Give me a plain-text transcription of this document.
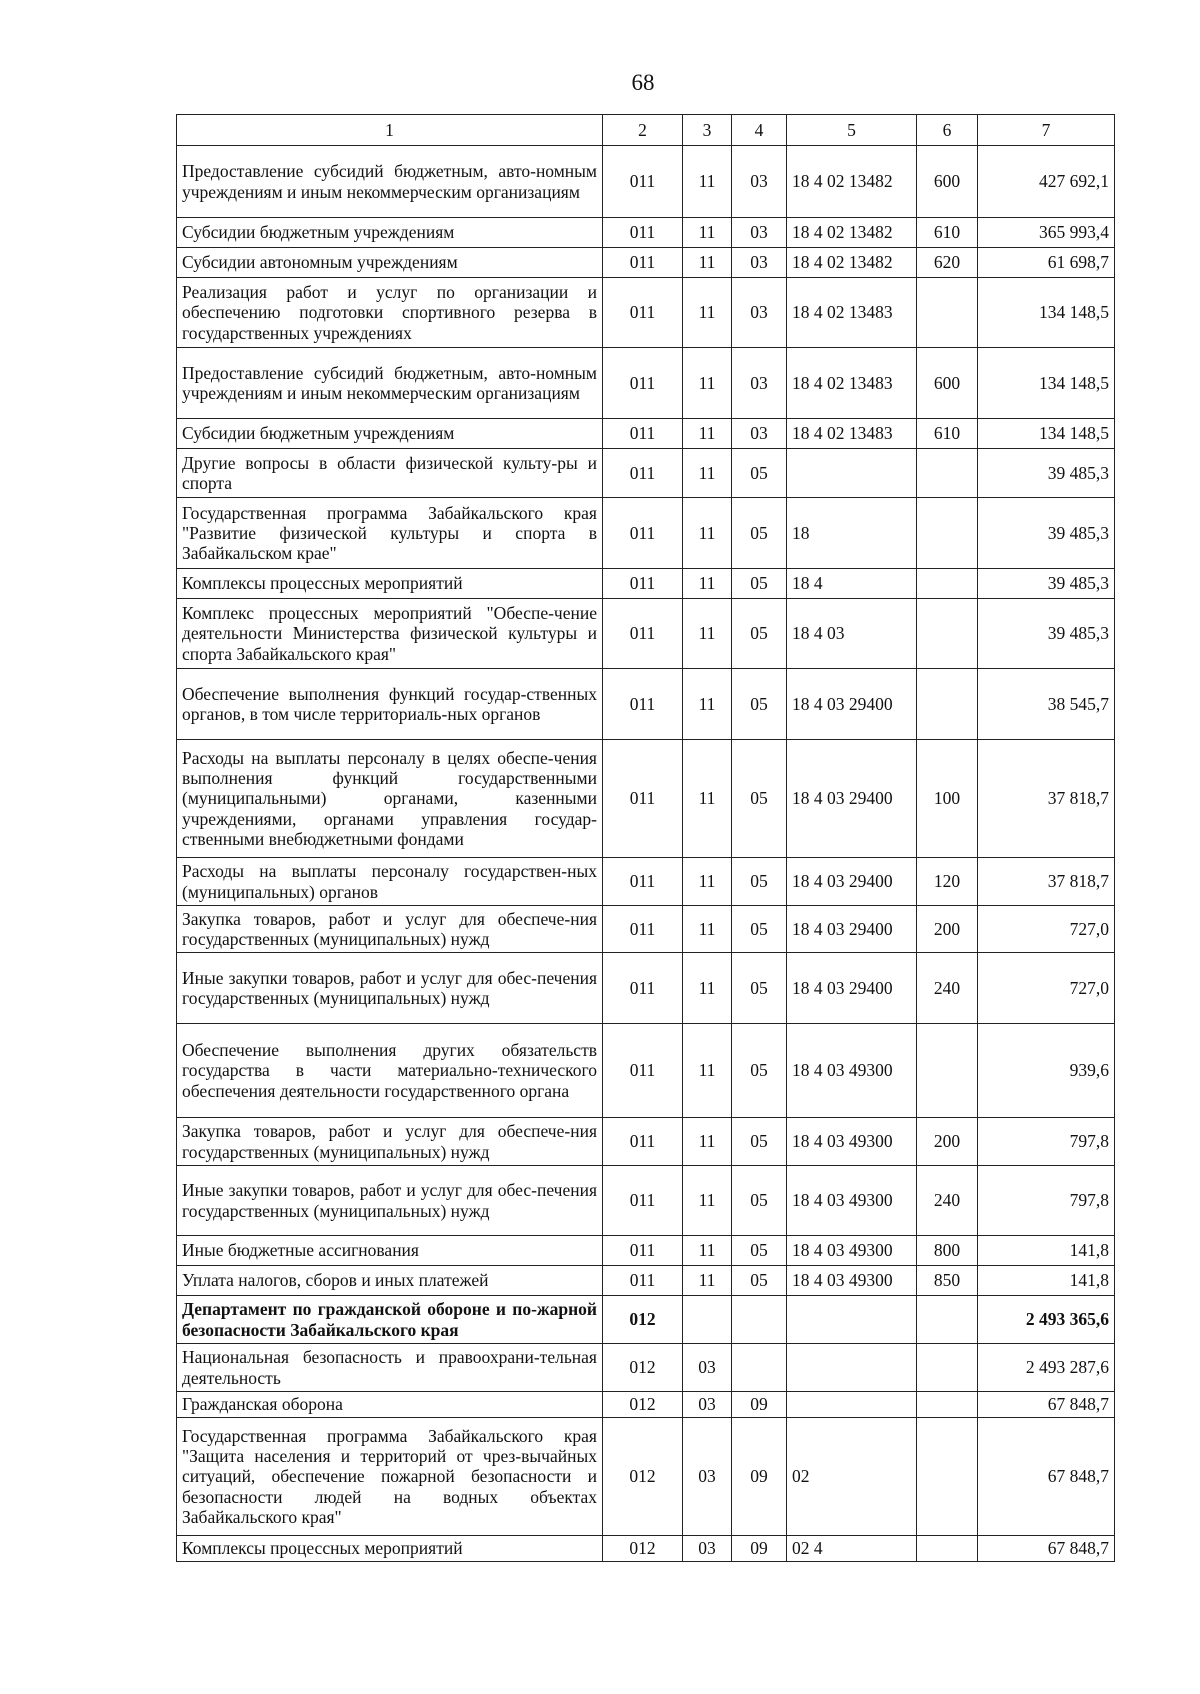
68
1	2	3	4	5	6	7
Предоставление субсидий бюджетным, авто-номным учреждениям и иным некоммерческим организациям	011	11	03	18 4 02 13482	600	427 692,1
Субсидии бюджетным учреждениям	011	11	03	18 4 02 13482	610	365 993,4
Субсидии автономным учреждениям	011	11	03	18 4 02 13482	620	61 698,7
Реализация работ и услуг по организации и обеспечению подготовки спортивного резерва в государственных учреждениях	011	11	03	18 4 02 13483		134 148,5
Предоставление субсидий бюджетным, авто-номным учреждениям и иным некоммерческим организациям	011	11	03	18 4 02 13483	600	134 148,5
Субсидии бюджетным учреждениям	011	11	03	18 4 02 13483	610	134 148,5
Другие вопросы в области физической культу-ры и спорта	011	11	05			39 485,3
Государственная программа Забайкальского края "Развитие физической культуры и спорта в Забайкальском крае"	011	11	05	18		39 485,3
Комплексы процессных мероприятий	011	11	05	18 4		39 485,3
Комплекс процессных мероприятий "Обеспе-чение деятельности Министерства физической культуры и спорта Забайкальского края"	011	11	05	18 4 03		39 485,3
Обеспечение выполнения функций государ-ственных органов, в том числе территориаль-ных органов	011	11	05	18 4 03 29400		38 545,7
Расходы на выплаты персоналу в целях обеспе-чения выполнения функций государственными (муниципальными) органами, казенными учреждениями, органами управления государ-ственными внебюджетными фондами	011	11	05	18 4 03 29400	100	37 818,7
Расходы на выплаты персоналу государствен-ных (муниципальных) органов	011	11	05	18 4 03 29400	120	37 818,7
Закупка товаров, работ и услуг для обеспече-ния государственных (муниципальных) нужд	011	11	05	18 4 03 29400	200	727,0
Иные закупки товаров, работ и услуг для обес-печения государственных (муниципальных) нужд	011	11	05	18 4 03 29400	240	727,0
Обеспечение выполнения других обязательств государства в части материально-технического обеспечения деятельности государственного органа	011	11	05	18 4 03 49300		939,6
Закупка товаров, работ и услуг для обеспече-ния государственных (муниципальных) нужд	011	11	05	18 4 03 49300	200	797,8
Иные закупки товаров, работ и услуг для обес-печения государственных (муниципальных) нужд	011	11	05	18 4 03 49300	240	797,8
Иные бюджетные ассигнования	011	11	05	18 4 03 49300	800	141,8
Уплата налогов, сборов и иных платежей	011	11	05	18 4 03 49300	850	141,8
Департамент по гражданской обороне и по-жарной безопасности Забайкальского края	012					2 493 365,6
Национальная безопасность и правоохрани-тельная деятельность	012	03				2 493 287,6
Гражданская оборона	012	03	09			67 848,7
Государственная программа Забайкальского края "Защита населения и территорий от чрез-вычайных ситуаций, обеспечение пожарной безопасности и безопасности людей на водных объектах Забайкальского края"	012	03	09	02		67 848,7
Комплексы процессных мероприятий	012	03	09	02 4		67 848,7
